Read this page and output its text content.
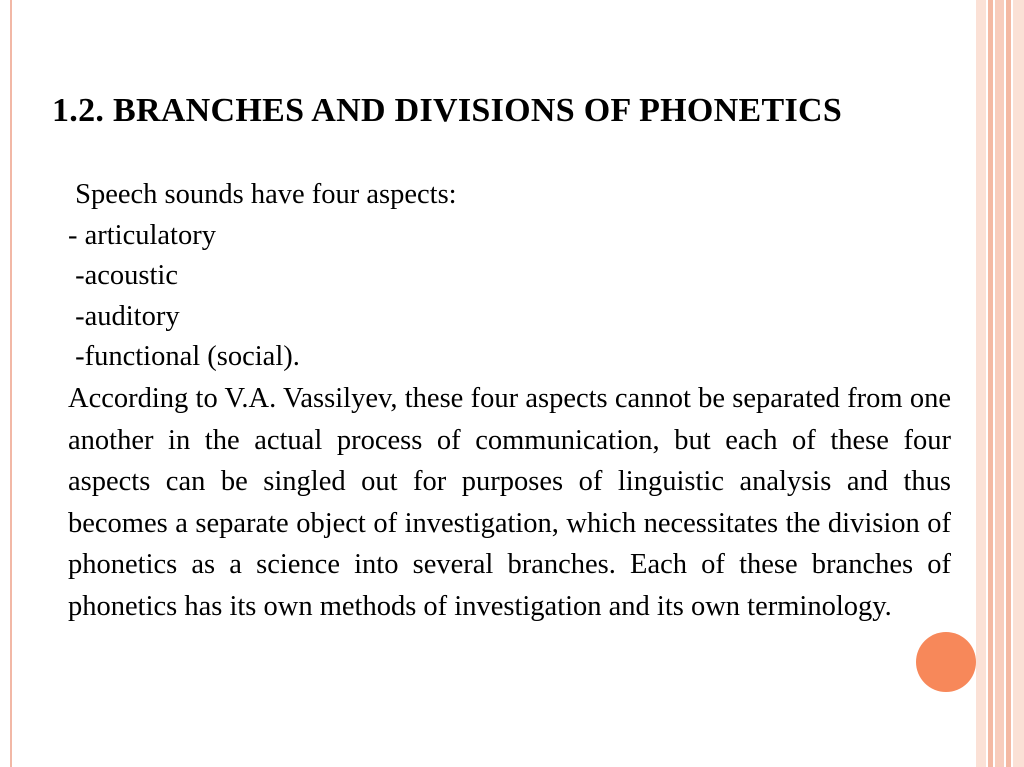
1.2. BRANCHES AND DIVISIONS OF PHONETICS
Speech sounds have four aspects:
- articulatory
-acoustic
-auditory
-functional (social).

According to V.A. Vassilyev, these four aspects cannot be separated from one another in the actual process of communication, but each of these four aspects can be singled out for purposes of linguistic analysis and thus becomes a separate object of investigation, which necessitates the division of phonetics as a science into several branches. Each of these branches of phonetics has its own methods of investigation and its own terminology.
